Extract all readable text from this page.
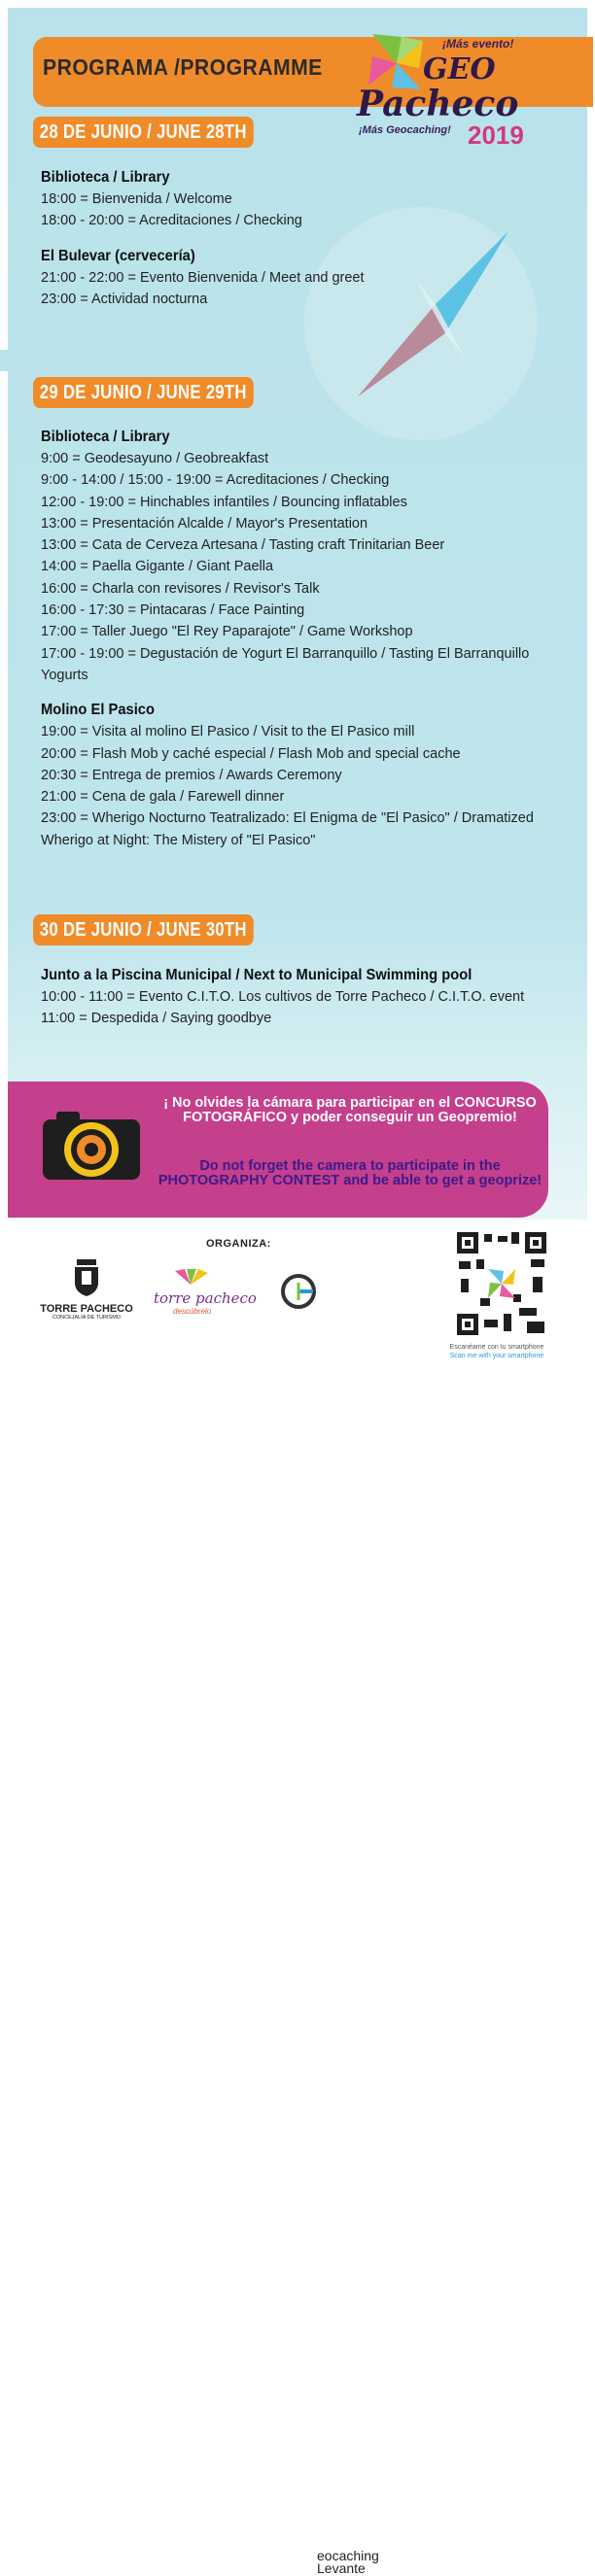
PROGRAMA /PROGRAMME
¡Más evento!
GEO
Pacheco
¡Más Geocaching! 2019
28 DE JUNIO / JUNE 28TH
Biblioteca / Library
18:00 = Bienvenida / Welcome
18:00 - 20:00 = Acreditaciones / Checking
El Bulevar (cervecería)
21:00 - 22:00 = Evento Bienvenida / Meet and greet
23:00 = Actividad nocturna
29 DE JUNIO / JUNE 29TH
Biblioteca / Library
9:00 = Geodesayuno / Geobreakfast
9:00 - 14:00 / 15:00 - 19:00 = Acreditaciones / Checking
12:00 - 19:00 = Hinchables infantiles / Bouncing inflatables
13:00 = Presentación Alcalde / Mayor's Presentation
13:00 = Cata de Cerveza Artesana / Tasting craft Trinitarian Beer
14:00 = Paella Gigante / Giant Paella
16:00 = Charla con revisores / Revisor's Talk
16:00 - 17:30 = Pintacaras / Face Painting
17:00 = Taller Juego "El Rey Paparajote" / Game Workshop
17:00 - 19:00 = Degustación de Yogurt El Barranquillo / Tasting El Barranquillo Yogurts
Molino El Pasico
19:00 = Visita al molino El Pasico / Visit to the El Pasico mill
20:00 = Flash Mob y caché especial / Flash Mob and special cache
20:30 = Entrega de premios / Awards Ceremony
21:00 = Cena de gala / Farewell dinner
23:00 = Wherigo Nocturno Teatralizado: El Enigma de "El Pasico" / Dramatized Wherigo at Night: The Mistery of "El Pasico"
30 DE JUNIO / JUNE 30TH
Junto a la Piscina Municipal / Next to Municipal Swimming pool
10:00 - 11:00 = Evento C.I.T.O. Los cultivos de Torre Pacheco / C.I.T.O. event
11:00 = Despedida / Saying goodbye
¡ No olvides la cámara para participar en el CONCURSO FOTOGRÁFICO y poder conseguir un Geopremio!
Do not forget the camera to participate in the PHOTOGRAPHY CONTEST and be able to get a geoprize!
ORGANIZA:
TORRE PACHECO
CONCEJALÍA DE TURISMO
torre pacheco
descúbrelo
eocaching
Levante
Escanéame con tu smartphone
Scan me with your smartphone
